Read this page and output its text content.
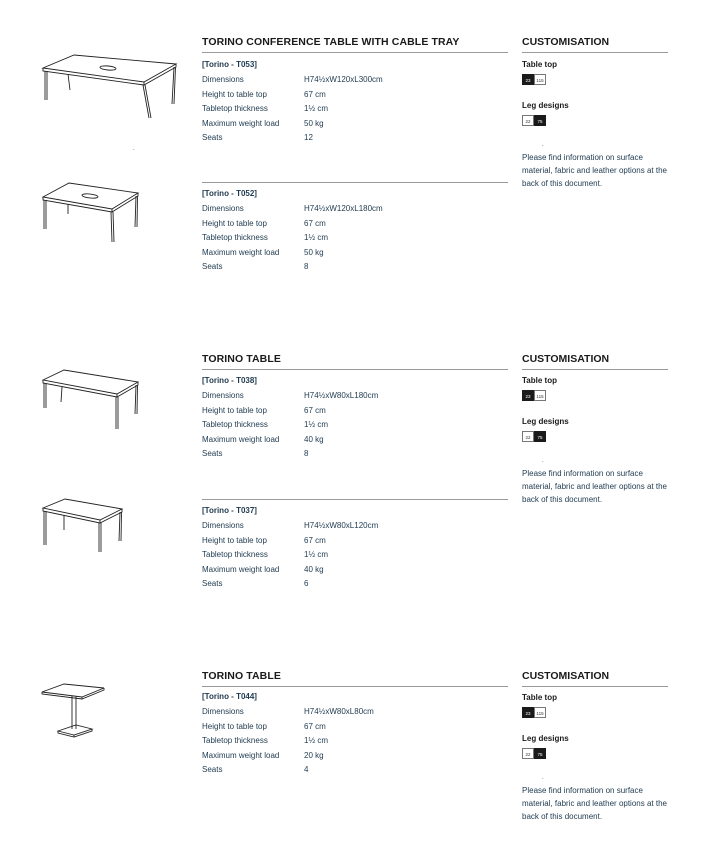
TORINO CONFERENCE TABLE WITH CABLE TRAY	CUSTOMISATION
.
[Torino - T053]
Dimensions	H74½xW120xL300cm
Height to table top	67 cm
Tabletop thickness	1½ cm
Maximum weight load	50 kg
Seats	12
[Torino - T052]
Dimensions	H74½xW120xL180cm
Height to table top	67 cm
Tabletop thickness	1½ cm
Maximum weight load	50 kg
Seats	8
Table top
23	115
Leg designs
22	75
.
Please find information on surface material, fabric and leather options at the back of this document.
TORINO TABLE	CUSTOMISATION
[Torino - T038]
Dimensions	H74½xW80xL180cm
Height to table top	67 cm
Tabletop thickness	1½ cm
Maximum weight load	40 kg
Seats	8
[Torino - T037]
Dimensions	H74½xW80xL120cm
Height to table top	67 cm
Tabletop thickness	1½ cm
Maximum weight load	40 kg
Seats	6
Table top
23	115
Leg designs
22	75
.
Please find information on surface material, fabric and leather options at the back of this document.
TORINO TABLE	CUSTOMISATION
[Torino - T044]
Dimensions	H74½xW80xL80cm
Height to table top	67 cm
Tabletop thickness	1½ cm
Maximum weight load	20 kg
Seats	4
Table top
23	115
Leg designs
22	75
.
Please find information on surface material, fabric and leather options at the back of this document.
